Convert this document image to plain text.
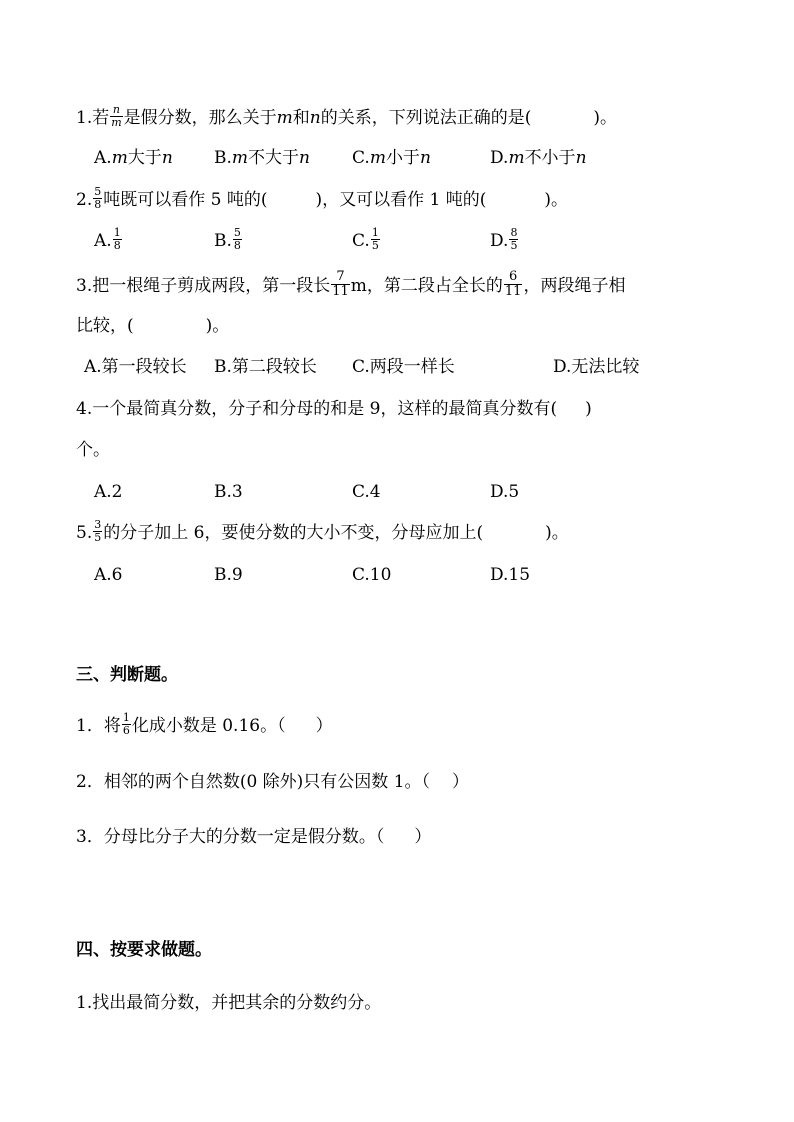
1.若 $\frac{n}{m}$ 是假分数，那么关于m和n的关系，下列说法正确的是(	)。
A.m大于n B.m不大于n C.m小于n	D.m不小于n
2. $\frac{5}{8}$ 吨既可以看作 5 吨的(	)，又可以看作 1 吨的(	)。
A. $\frac{1}{8}$	B. $\frac{5}{8}$	C. $\frac{1}{5}$	D. $\frac{8}{5}$
3.把一根绳子剪成两段，第一段长 $\frac{7}{11}$ m，第二段占全长的 $\frac{6}{11}$ ，两段绳子相
比较，(	)。
A.第一段较长 B.第二段较长 C.两段一样长	D.无法比较
4.一个最简真分数，分子和分母的和是 9，这样的最简真分数有( )
个。
A.2	B.3	C.4	D.5
5. $\frac{3}{5}$ 的分子加上 6，要使分数的大小不变，分母应加上(	)。
A.6	B.9	C.10	D.15
三、判断题。
1．将 $\frac{1}{6}$ 化成小数是 0.16。（ ）
2．相邻的两个自然数(0 除外)只有公因数 1。（ ）
3．分母比分子大的分数一定是假分数。（ ）
四、按要求做题。
1.找出最简分数，并把其余的分数约分。
